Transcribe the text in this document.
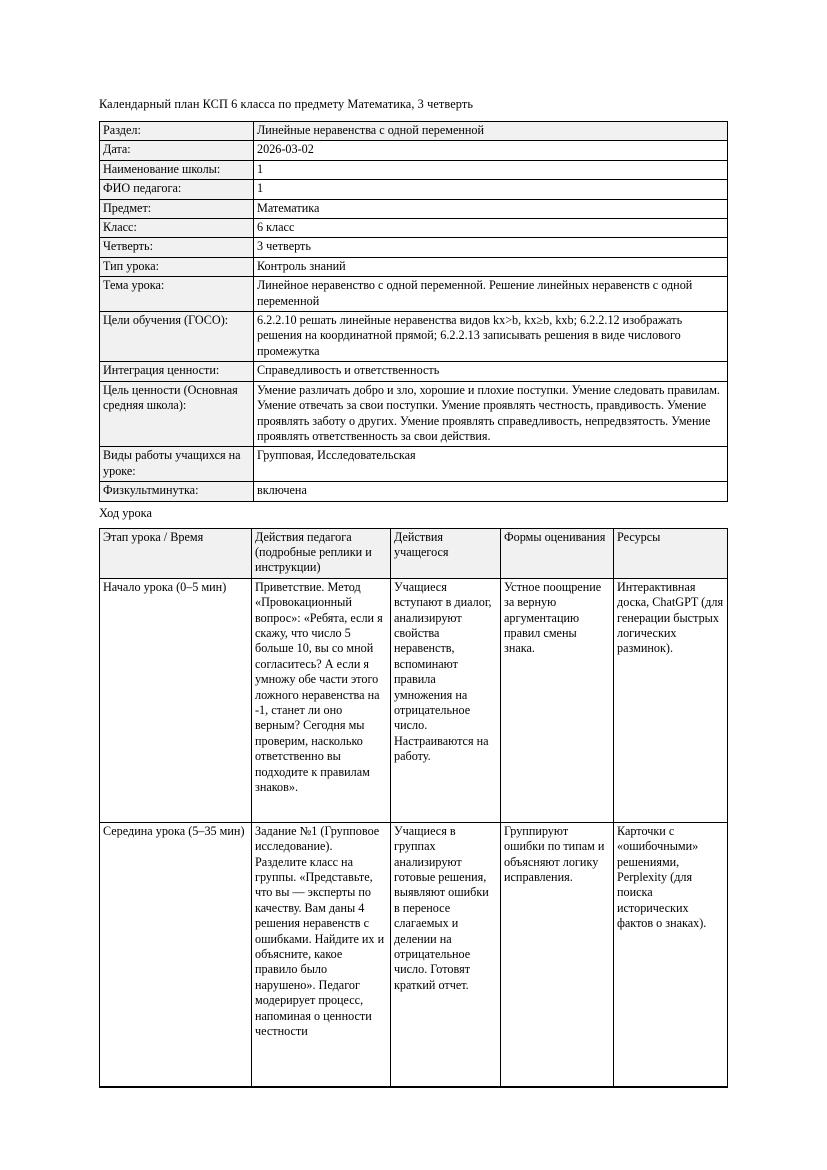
Календарный план КСП 6 класса по предмету Математика, 3 четверть
Раздел:	Линейные неравенства с одной переменной
Дата:	2026-03-02
Наименование школы:	1
ФИО педагога:	1
Предмет:	Математика
Класс:	6 класс
Четверть:	3 четверть
Тип урока:	Контроль знаний
Тема урока:	Линейное неравенство с одной переменной. Решение линейных неравенств с одной переменной
Цели обучения (ГОСО):	6.2.2.10 решать линейные неравенства видов kx>b, kx≥b, kxb; 6.2.2.12 изображать решения на координатной прямой; 6.2.2.13 записывать решения в виде числового промежутка
Интеграция ценности:	Справедливость и ответственность
Цель ценности (Основная средняя школа):	Умение различать добро и зло, хорошие и плохие поступки. Умение следовать правилам. Умение отвечать за свои поступки. Умение проявлять честность, правдивость. Умение проявлять заботу о других. Умение проявлять справедливость, непредвзятость. Умение проявлять ответственность за свои действия.
Виды работы учащихся на уроке:	Групповая, Исследовательская
Физкультминутка:	включена
Ход урока
Этап урока / Время	Действия педагога (подробные реплики и инструкции)	Действия учащегося	Формы оценивания	Ресурсы

Начало урока (0–5 мин)	Приветствие. Метод «Провокационный вопрос»: «Ребята, если я скажу, что число 5 больше 10, вы со мной согласитесь? А если я умножу обе части этого ложного неравенства на -1, станет ли оно верным? Сегодня мы проверим, насколько ответственно вы подходите к правилам знаков».	Учащиеся вступают в диалог, анализируют свойства неравенств, вспоминают правила умножения на отрицательное число. Настраиваются на работу.	Устное поощрение за верную аргументацию правил смены знака.	Интерактивная доска, ChatGPT (для генерации быстрых логических разминок).

Середина урока (5–35 мин)	Задание №1 (Групповое исследование). Разделите класс на группы. «Представьте, что вы — эксперты по качеству. Вам даны 4 решения неравенств с ошибками. Найдите их и объясните, какое правило было нарушено». Педагог модерирует процесс, напоминая о ценности честности	Учащиеся в группах анализируют готовые решения, выявляют ошибки в переносе слагаемых и делении на отрицательное число. Готовят краткий отчет.	Группируют ошибки по типам и объясняют логику исправления.	Карточки с «ошибочными» решениями, Perplexity (для поиска исторических фактов о знаках).
